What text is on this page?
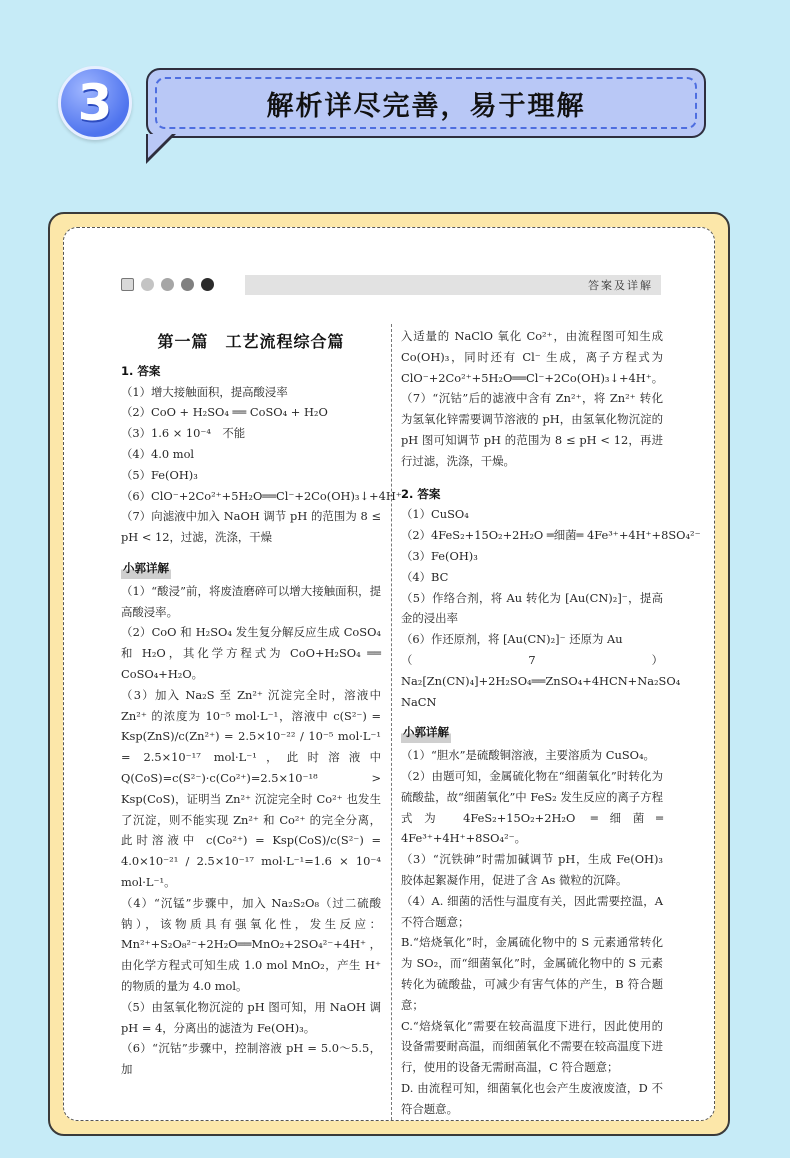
3	解析详尽完善，易于理解
答案及详解
第一篇　工艺流程综合篇
1. 答案
（1）增大接触面积，提高酸浸率
（2）CoO + H₂SO₄ ══ CoSO₄ + H₂O
（3）1.6 × 10⁻⁴　不能
（4）4.0 mol
（5）Fe(OH)₃
（6）ClO⁻+2Co²⁺+5H₂O══Cl⁻+2Co(OH)₃↓+4H⁺
（7）向滤液中加入 NaOH 调节 pH 的范围为 8 ≤ pH < 12，过滤，洗涤，干燥
小郭详解

（1）“酸浸”前，将废渣磨碎可以增大接触面积，提高酸浸率。
（2）CoO 和 H₂SO₄ 发生复分解反应生成 CoSO₄ 和 H₂O，其化学方程式为 CoO+H₂SO₄ ══ CoSO₄+H₂O。
（3）加入 Na₂S 至 Zn²⁺ 沉淀完全时，溶液中 Zn²⁺ 的浓度为 10⁻⁵ mol·L⁻¹，溶液中 c(S²⁻) = Ksp(ZnS)/c(Zn²⁺) = 2.5×10⁻²² / 10⁻⁵ mol·L⁻¹ = 2.5×10⁻¹⁷ mol·L⁻¹，此时溶液中 Q(CoS)=c(S²⁻)·c(Co²⁺)=2.5×10⁻¹⁸ > Ksp(CoS)，证明当 Zn²⁺ 沉淀完全时 Co²⁺ 也发生了沉淀，则不能实现 Zn²⁺ 和 Co²⁺ 的完全分离，此时溶液中 c(Co²⁺) = Ksp(CoS)/c(S²⁻) = 4.0×10⁻²¹ / 2.5×10⁻¹⁷ mol·L⁻¹=1.6 × 10⁻⁴ mol·L⁻¹。
（4）“沉锰”步骤中，加入 Na₂S₂O₈（过二硫酸钠），该物质具有强氧化性，发生反应：Mn²⁺+S₂O₈²⁻+2H₂O══MnO₂+2SO₄²⁻+4H⁺，由化学方程式可知生成 1.0 mol MnO₂，产生 H⁺ 的物质的量为 4.0 mol。
（5）由氢氧化物沉淀的 pH 图可知，用 NaOH 调 pH = 4，分离出的滤渣为 Fe(OH)₃。
（6）“沉钴”步骤中，控制溶液 pH = 5.0～5.5，加
入适量的 NaClO 氧化 Co²⁺，由流程图可知生成 Co(OH)₃，同时还有 Cl⁻ 生成，离子方程式为 ClO⁻+2Co²⁺+5H₂O══Cl⁻+2Co(OH)₃↓+4H⁺。
（7）“沉钴”后的滤液中含有 Zn²⁺，将 Zn²⁺ 转化为氢氧化锌需要调节溶液的 pH，由氢氧化物沉淀的 pH 图可知调节 pH 的范围为 8 ≤ pH < 12，再进行过滤，洗涤，干燥。
2. 答案
（1）CuSO₄
（2）4FeS₂+15O₂+2H₂O ═细菌═ 4Fe³⁺+4H⁺+8SO₄²⁻
（3）Fe(OH)₃
（4）BC
（5）作络合剂，将 Au 转化为 [Au(CN)₂]⁻，提高金的浸出率
（6）作还原剂，将 [Au(CN)₂]⁻ 还原为 Au
（7）Na₂[Zn(CN)₄]+2H₂SO₄══ZnSO₄+4HCN+Na₂SO₄　NaCN
小郭详解

（1）“胆水”是硫酸铜溶液，主要溶质为 CuSO₄。
（2）由题可知，金属硫化物在“细菌氧化”时转化为硫酸盐，故“细菌氧化”中 FeS₂ 发生反应的离子方程式为 4FeS₂+15O₂+2H₂O ═细菌═ 4Fe³⁺+4H⁺+8SO₄²⁻。
（3）“沉铁砷”时需加碱调节 pH，生成 Fe(OH)₃ 胶体起絮凝作用，促进了含 As 微粒的沉降。
（4）A. 细菌的活性与温度有关，因此需要控温，A 不符合题意；
B.“焙烧氧化”时，金属硫化物中的 S 元素通常转化为 SO₂，而“细菌氧化”时，金属硫化物中的 S 元素转化为硫酸盐，可减少有害气体的产生，B 符合题意；
C.“焙烧氧化”需要在较高温度下进行，因此使用的设备需要耐高温，而细菌氧化不需要在较高温度下进行，使用的设备无需耐高温，C 符合题意；
D. 由流程可知，细菌氧化也会产生废液废渣，D 不符合题意。
